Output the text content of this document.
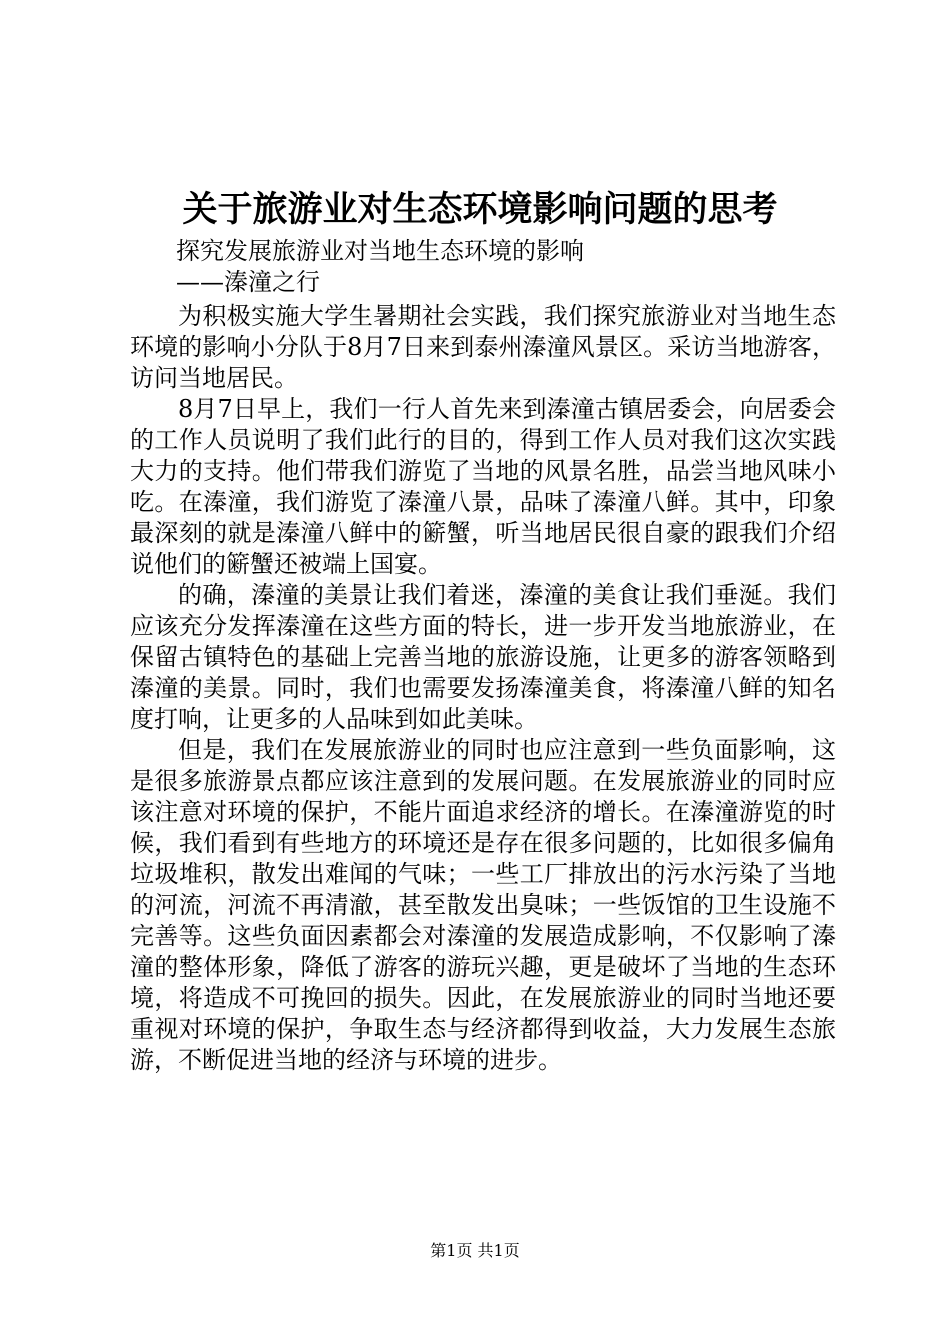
关于旅游业对生态环境影响问题的思考

探究发展旅游业对当地生态环境的影响

——溱潼之行

为积极实施大学生暑期社会实践，我们探究旅游业对当地生态环境的影响小分队于8月7日来到泰州溱潼风景区。采访当地游客，访问当地居民。

8月7日早上，我们一行人首先来到溱潼古镇居委会，向居委会的工作人员说明了我们此行的目的，得到工作人员对我们这次实践大力的支持。他们带我们游览了当地的风景名胜，品尝当地风味小吃。在溱潼，我们游览了溱潼八景，品味了溱潼八鲜。其中，印象最深刻的就是溱潼八鲜中的簖蟹，听当地居民很自豪的跟我们介绍说他们的簖蟹还被端上国宴。

的确，溱潼的美景让我们着迷，溱潼的美食让我们垂涎。我们应该充分发挥溱潼在这些方面的特长，进一步开发当地旅游业，在保留古镇特色的基础上完善当地的旅游设施，让更多的游客领略到溱潼的美景。同时，我们也需要发扬溱潼美食，将溱潼八鲜的知名度打响，让更多的人品味到如此美味。

但是，我们在发展旅游业的同时也应注意到一些负面影响，这是很多旅游景点都应该注意到的发展问题。在发展旅游业的同时应该注意对环境的保护，不能片面追求经济的增长。在溱潼游览的时候，我们看到有些地方的环境还是存在很多问题的，比如很多偏角垃圾堆积，散发出难闻的气味；一些工厂排放出的污水污染了当地的河流，河流不再清澈，甚至散发出臭味；一些饭馆的卫生设施不完善等。这些负面因素都会对溱潼的发展造成影响，不仅影响了溱潼的整体形象，降低了游客的游玩兴趣，更是破坏了当地的生态环境，将造成不可挽回的损失。因此，在发展旅游业的同时当地还要重视对环境的保护，争取生态与经济都得到收益，大力发展生态旅游，不断促进当地的经济与环境的进步。

第1页 共1页
